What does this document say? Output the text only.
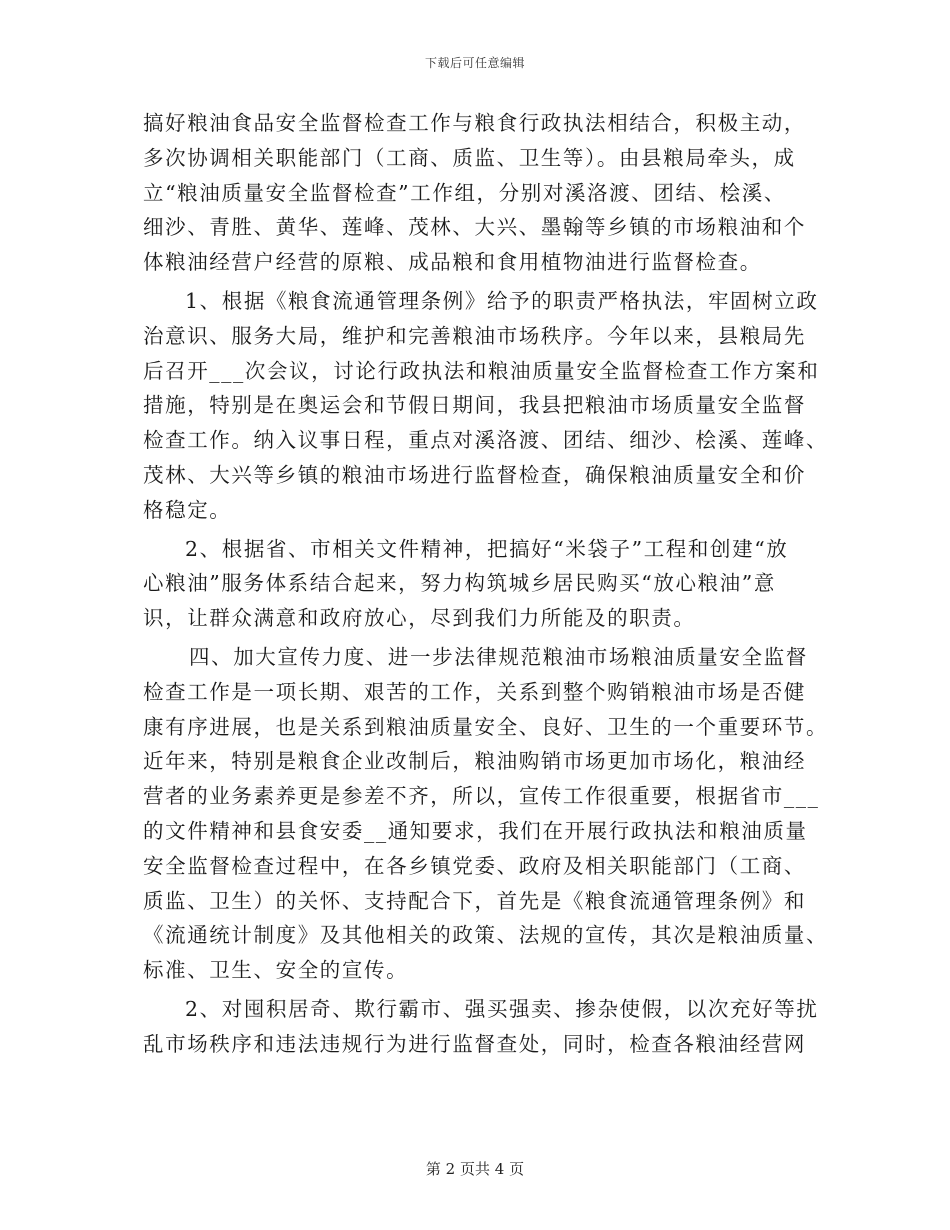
下载后可任意编辑

搞好粮油食品安全监督检查工作与粮食行政执法相结合，积极主动，
多次协调相关职能部门（工商、质监、卫生等）。由县粮局牵头，成
立“粮油质量安全监督检查”工作组，分别对溪洛渡、团结、桧溪、
细沙、青胜、黄华、莲峰、茂林、大兴、墨翰等乡镇的市场粮油和个
体粮油经营户经营的原粮、成品粮和食用植物油进行监督检查。

1、根据《粮食流通管理条例》给予的职责严格执法，牢固树立政
治意识、服务大局，维护和完善粮油市场秩序。今年以来，县粮局先
后召开___次会议，讨论行政执法和粮油质量安全监督检查工作方案和
措施，特别是在奥运会和节假日期间，我县把粮油市场质量安全监督
检查工作。纳入议事日程，重点对溪洛渡、团结、细沙、桧溪、莲峰、
茂林、大兴等乡镇的粮油市场进行监督检查，确保粮油质量安全和价
格稳定。

2、根据省、市相关文件精神，把搞好“米袋子”工程和创建“放
心粮油”服务体系结合起来，努力构筑城乡居民购买“放心粮油”意
识，让群众满意和政府放心，尽到我们力所能及的职责。

四、加大宣传力度、进一步法律规范粮油市场粮油质量安全监督
检查工作是一项长期、艰苦的工作，关系到整个购销粮油市场是否健
康有序进展，也是关系到粮油质量安全、良好、卫生的一个重要环节。
近年来，特别是粮食企业改制后，粮油购销市场更加市场化，粮油经
营者的业务素养更是参差不齐，所以，宣传工作很重要，根据省市___
的文件精神和县食安委__通知要求，我们在开展行政执法和粮油质量
安全监督检查过程中，在各乡镇党委、政府及相关职能部门（工商、
质监、卫生）的关怀、支持配合下，首先是《粮食流通管理条例》和
《流通统计制度》及其他相关的政策、法规的宣传，其次是粮油质量、
标准、卫生、安全的宣传。

2、对囤积居奇、欺行霸市、强买强卖、掺杂使假，以次充好等扰
乱市场秩序和违法违规行为进行监督查处，同时，检查各粮油经营网

第 2 页共 4 页
